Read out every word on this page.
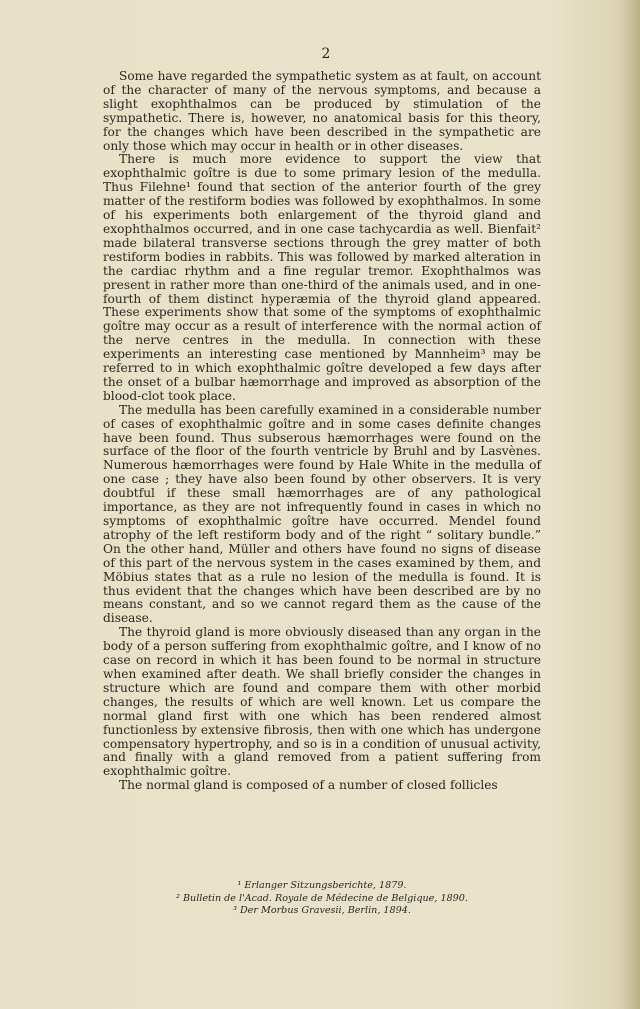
2

Some have regarded the sympathetic system as at fault, on account of the character of many of the nervous symptoms, and because a slight exophthalmos can be produced by stimulation of the sympathetic. There is, however, no anatomical basis for this theory, for the changes which have been described in the sympathetic are only those which may occur in health or in other diseases.

There is much more evidence to support the view that exophthalmic goître is due to some primary lesion of the medulla. Thus Filehne¹ found that section of the anterior fourth of the grey matter of the restiform bodies was followed by exophthalmos. In some of his experiments both enlargement of the thyroid gland and exophthalmos occurred, and in one case tachycardia as well. Bienfait² made bilateral transverse sections through the grey matter of both restiform bodies in rabbits. This was followed by marked alteration in the cardiac rhythm and a fine regular tremor. Exophthalmos was present in rather more than one-third of the animals used, and in one-fourth of them distinct hyperæmia of the thyroid gland appeared. These experiments show that some of the symptoms of exophthalmic goître may occur as a result of interference with the normal action of the nerve centres in the medulla. In connection with these experiments an interesting case mentioned by Mannheim³ may be referred to in which exophthalmic goître developed a few days after the onset of a bulbar hæmorrhage and improved as absorption of the blood-clot took place.

The medulla has been carefully examined in a considerable number of cases of exophthalmic goître and in some cases definite changes have been found. Thus subserous hæmorrhages were found on the surface of the floor of the fourth ventricle by Bruhl and by Lasvènes. Numerous hæmorrhages were found by Hale White in the medulla of one case ; they have also been found by other observers. It is very doubtful if these small hæmorrhages are of any pathological importance, as they are not infrequently found in cases in which no symptoms of exophthalmic goître have occurred. Mendel found atrophy of the left restiform body and of the right “ solitary bundle.” On the other hand, Müller and others have found no signs of disease of this part of the nervous system in the cases examined by them, and Möbius states that as a rule no lesion of the medulla is found. It is thus evident that the changes which have been described are by no means constant, and so we cannot regard them as the cause of the disease.

The thyroid gland is more obviously diseased than any organ in the body of a person suffering from exophthalmic goître, and I know of no case on record in which it has been found to be normal in structure when examined after death. We shall briefly consider the changes in structure which are found and compare them with other morbid changes, the results of which are well known. Let us compare the normal gland first with one which has been rendered almost functionless by extensive fibrosis, then with one which has undergone compensatory hypertrophy, and so is in a condition of unusual activity, and finally with a gland removed from a patient suffering from exophthalmic goître.

The normal gland is composed of a number of closed follicles

¹ Erlanger Sitzungsberichte, 1879.
² Bulletin de l'Acad. Royale de Médecine de Belgique, 1890.
³ Der Morbus Gravesii, Berlin, 1894.
